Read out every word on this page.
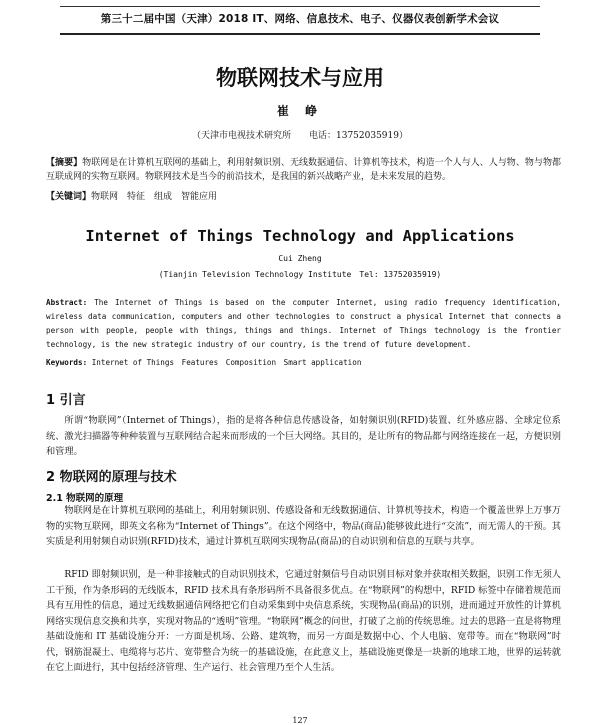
第三十二届中国（天津）2018 IT、网络、信息技术、电子、仪器仪表创新学术会议
物联网技术与应用
崔 峥
（天津市电视技术研究所　　电话：13752035919）
【摘要】物联网是在计算机互联网的基础上，利用射频识别、无线数据通信、计算机等技术，构造一个人与人、人与物、物与物都互联成网的实物互联网。物联网技术是当今的前沿技术，是我国的新兴战略产业，是未来发展的趋势。
【关键词】物联网　特征　组成　智能应用
Internet of Things Technology and Applications
Cui Zheng
(Tianjin Television Technology Institute　Tel: 13752035919)
Abstract: The Internet of Things is based on the computer Internet, using radio frequency identification, wireless data communication, computers and other technologies to construct a physical Internet that connects a person with people, people with things, things and things. Internet of Things technology is the frontier technology, is the new strategic industry of our country, is the trend of future development.
Keywords: Internet of Things　Features　Composition　Smart application
1 引言
所谓“物联网”（Internet of Things），指的是将各种信息传感设备，如射频识别(RFID)装置、红外感应器、全球定位系统、激光扫描器等种种装置与互联网结合起来而形成的一个巨大网络。其目的，是让所有的物品都与网络连接在一起，方便识别和管理。
2 物联网的原理与技术
2.1 物联网的原理
物联网是在计算机互联网的基础上，利用射频识别、传感设备和无线数据通信、计算机等技术，构造一个覆盖世界上万事万物的实物互联网，即英文名称为“Internet of Things”。在这个网络中，物品(商品)能够彼此进行“交流”，而无需人的干预。其实质是利用射频自动识别(RFID)技术，通过计算机互联网实现物品(商品)的自动识别和信息的互联与共享。
RFID 即射频识别，是一种非接触式的自动识别技术，它通过射频信号自动识别目标对象并获取相关数据，识别工作无须人工干预，作为条形码的无线版本，RFID 技术具有条形码所不具备很多优点。在“物联网”的构想中，RFID 标签中存储着规范而具有互用性的信息，通过无线数据通信网络把它们自动采集到中央信息系统，实现物品(商品)的识别，进而通过开放性的计算机网络实现信息交换和共享，实现对物品的“透明”管理。“物联网”概念的问世，打破了之前的传统思维。过去的思路一直是将物理基础设施和 IT 基础设施分开：一方面是机场、公路、建筑物，而另一方面是数据中心、个人电脑、宽带等。而在“物联网”时代，钢筋混凝土、电缆将与芯片、宽带整合为统一的基础设施，在此意义上，基础设施更像是一块新的地球工地，世界的运转就在它上面进行，其中包括经济管理、生产运行、社会管理乃至个人生活。
127
